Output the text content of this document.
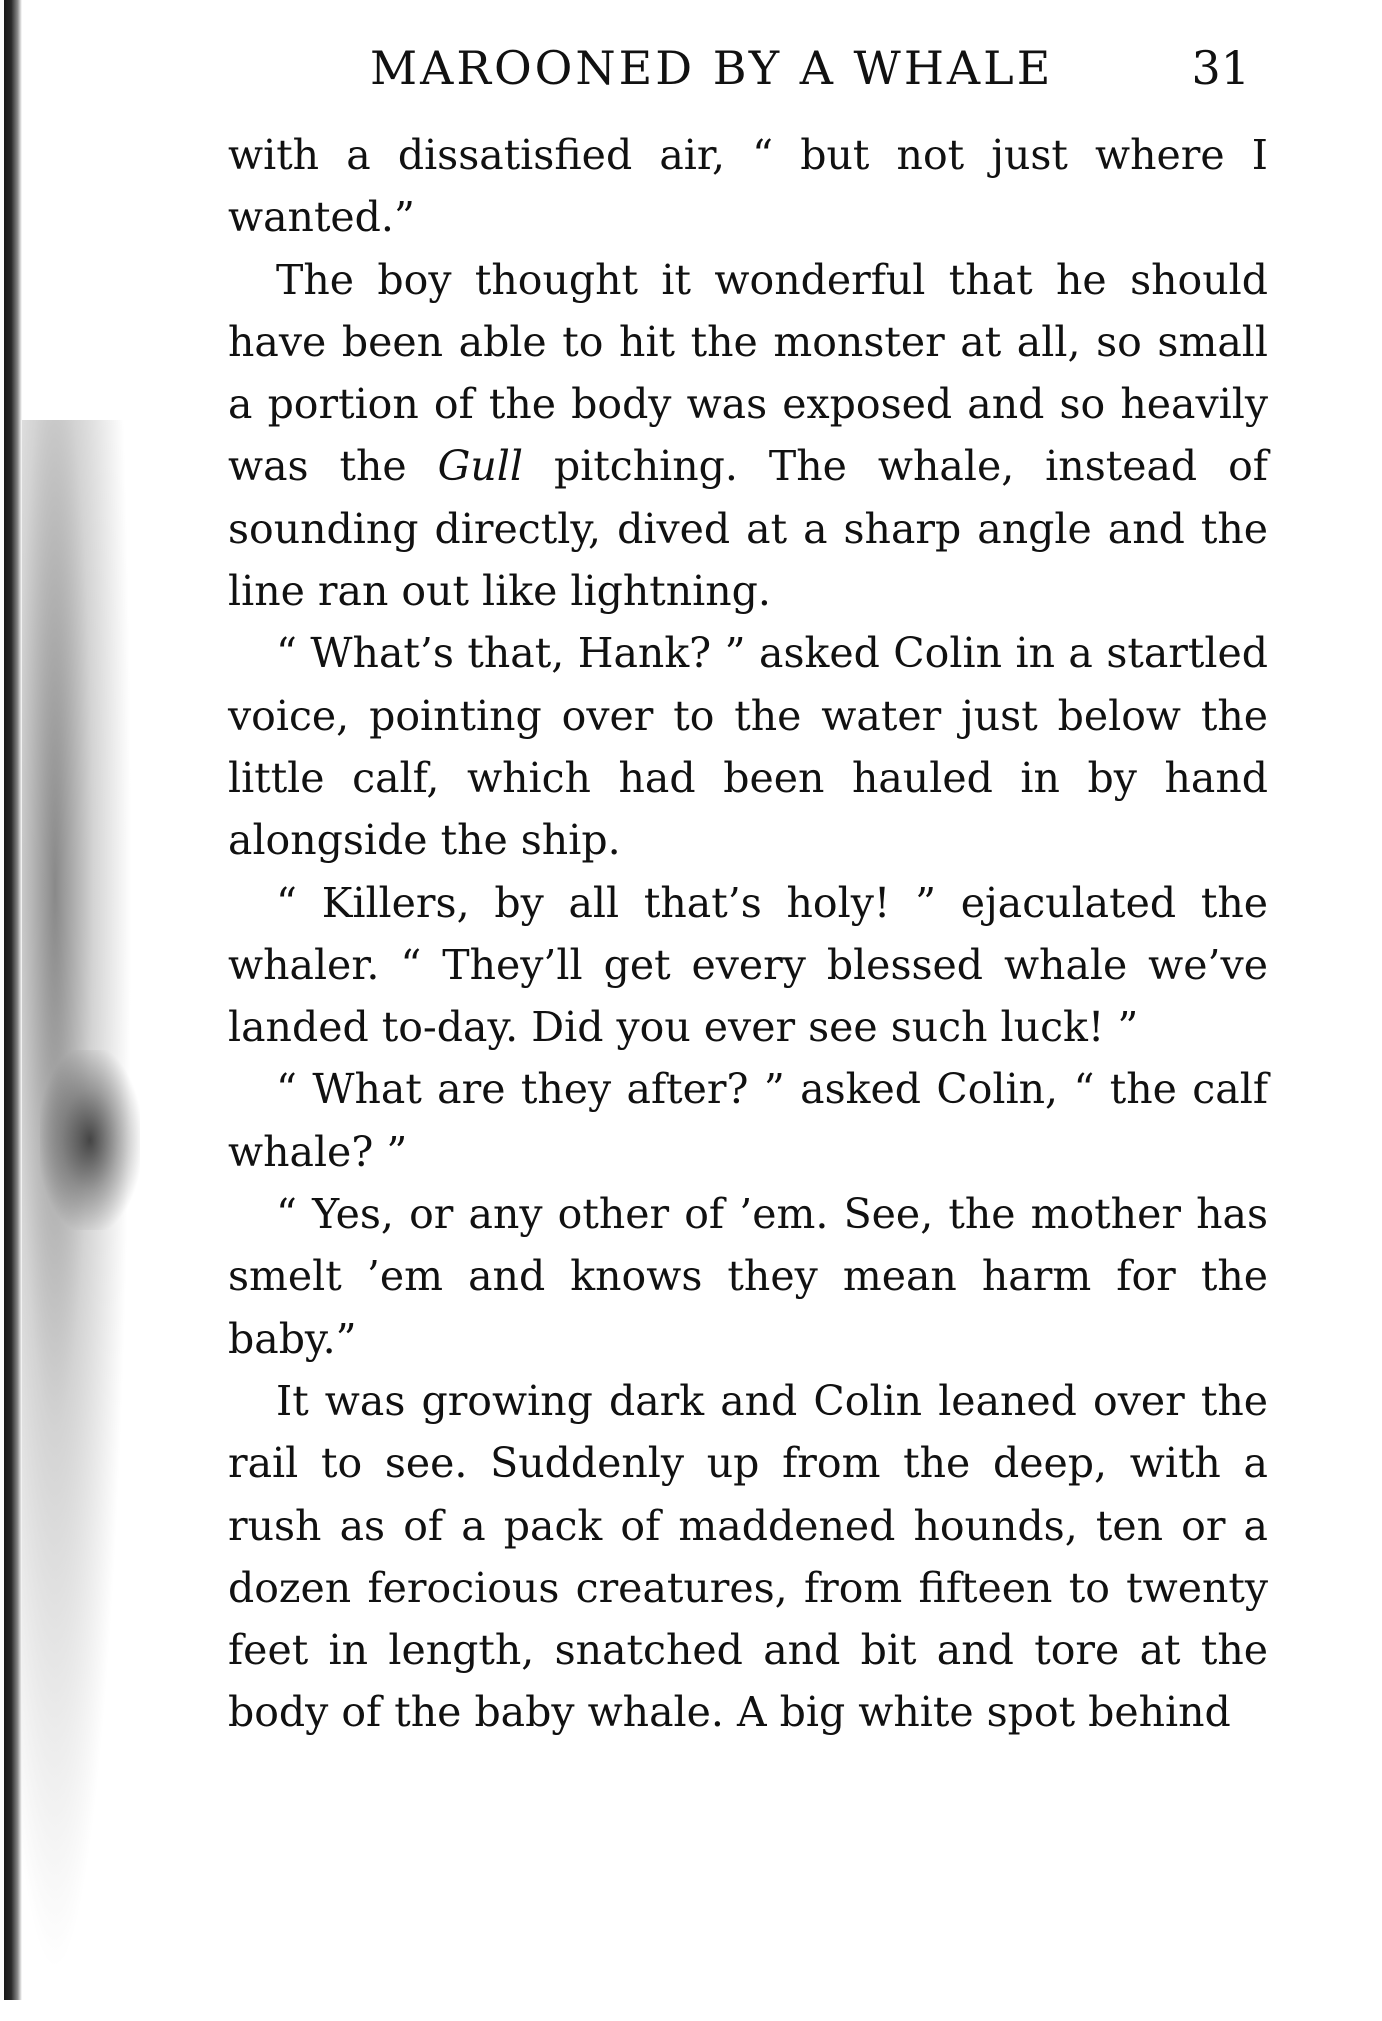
MAROONED BY A WHALE	31

with a dissatisfied air, “ but not just where I wanted.”

The boy thought it wonderful that he should have been able to hit the monster at all, so small a portion of the body was exposed and so heavily was the Gull pitching. The whale, instead of sounding directly, dived at a sharp angle and the line ran out like lightning.

“ What’s that, Hank? ” asked Colin in a startled voice, pointing over to the water just below the little calf, which had been hauled in by hand alongside the ship.

“ Killers, by all that’s holy! ” ejaculated the whaler. “ They’ll get every blessed whale we’ve landed to-day. Did you ever see such luck! ”

“ What are they after? ” asked Colin, “ the calf whale? ”

“ Yes, or any other of ’em. See, the mother has smelt ’em and knows they mean harm for the baby.”

It was growing dark and Colin leaned over the rail to see. Suddenly up from the deep, with a rush as of a pack of maddened hounds, ten or a dozen ferocious creatures, from fifteen to twenty feet in length, snatched and bit and tore at the body of the baby whale. A big white spot behind
